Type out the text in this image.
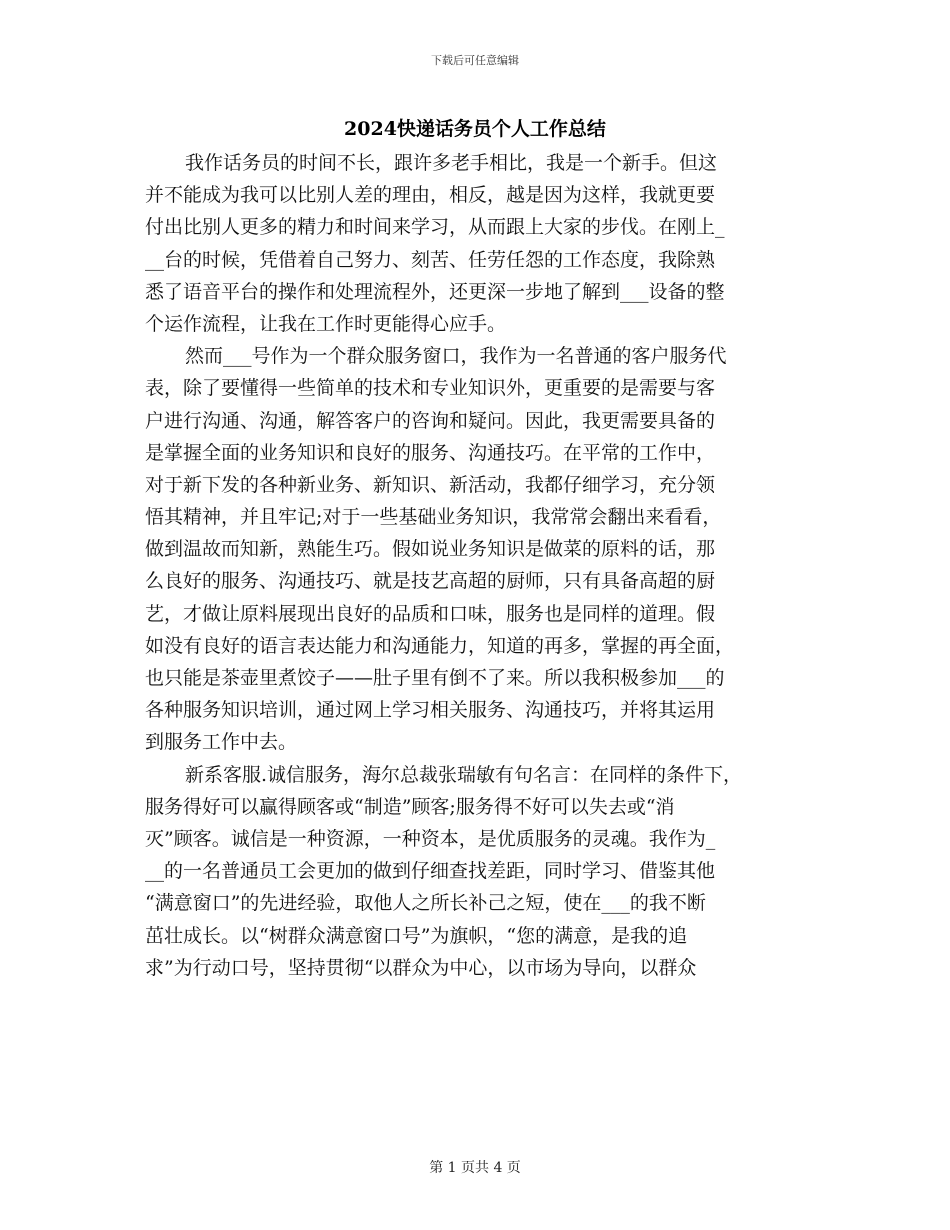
下载后可任意编辑
2024快递话务员个人工作总结
我作话务员的时间不长，跟许多老手相比，我是一个新手。但这
并不能成为我可以比别人差的理由，相反，越是因为这样，我就更要
付出比别人更多的精力和时间来学习，从而跟上大家的步伐。在刚上_
__台的时候，凭借着自己努力、刻苦、任劳任怨的工作态度，我除熟
悉了语音平台的操作和处理流程外，还更深一步地了解到___设备的整
个运作流程，让我在工作时更能得心应手。
然而___号作为一个群众服务窗口，我作为一名普通的客户服务代
表，除了要懂得一些简单的技术和专业知识外，更重要的是需要与客
户进行沟通、沟通，解答客户的咨询和疑问。因此，我更需要具备的
是掌握全面的业务知识和良好的服务、沟通技巧。在平常的工作中，
对于新下发的各种新业务、新知识、新活动，我都仔细学习，充分领
悟其精神，并且牢记;对于一些基础业务知识，我常常会翻出来看看，
做到温故而知新，熟能生巧。假如说业务知识是做菜的原料的话，那
么良好的服务、沟通技巧、就是技艺高超的厨师，只有具备高超的厨
艺，才做让原料展现出良好的品质和口味，服务也是同样的道理。假
如没有良好的语言表达能力和沟通能力，知道的再多，掌握的再全面，
也只能是茶壶里煮饺子——肚子里有倒不了来。所以我积极参加___的
各种服务知识培训，通过网上学习相关服务、沟通技巧，并将其运用
到服务工作中去。
新系客服.诚信服务，海尔总裁张瑞敏有句名言：在同样的条件下，
服务得好可以赢得顾客或“制造”顾客;服务得不好可以失去或“消
灭”顾客。诚信是一种资源，一种资本，是优质服务的灵魂。我作为_
__的一名普通员工会更加的做到仔细查找差距，同时学习、借鉴其他
“满意窗口”的先进经验，取他人之所长补己之短，使在___的我不断
茁壮成长。以“树群众满意窗口号”为旗帜，“您的满意，是我的追
求”为行动口号，坚持贯彻“以群众为中心，以市场为导向，以群众
第 1 页共 4 页
